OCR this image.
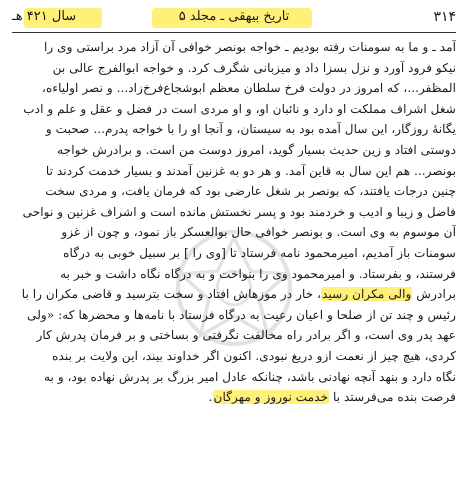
۳۱۴
تاریخ بیهقی ـ مجلد ۵
سال ۴۲۱ هـ
آمد ـ و ما به سومنات رفته بودیم ـ خواجه بونصر خوافی آن آزاد مرد براستی وی را
نیکو فرود آورد و نزل بسزا داد و میزبانی شگرف کرد. و خواجه ابوالفرج عالی بن
المظفر...، که امروز در دولت فرخ سلطان معظم ابوشجاع‌فرخ‌زاد... و نصر اولیاءه،
شغل اشراف مملکت او دارد و نائبان او، و او مردی است در فضل و عقل و علم و ادب
یگانهٔ روزگار، این سال آمده بود به سیستان، و آنجا او را با خواجه پدرم... صحبت و
دوستی افتاد و زین حدیث بسیار گوید، امروز دوست من است. و برادرش خواجه
بونصر... هم این سال به قاین آمد. و هر دو به غزنین آمدند و بسیار خدمت کردند تا
چنین درجات یافتند، که بونصر بر شغل عارضی بود که فرمان یافت، و مردی سخت
فاضل و زیبا و ادیب و خردمند بود و پسر نخستش مانده است و اشراف غزنین و نواحی
آن موسوم به وی است. و بونصر خوافی حال بوالعسکر باز نمود، و چون از غزو
سومنات باز آمدیم، امیرمحمود نامه فرستاد تا [وی را ] بر سبیل خوبی به درگاه
فرستند، و بفرستاد. و امیرمحمود وی را بنواخت و به درگاه نگاه داشت و خبر به
برادرش والی مکران رسید، خار در موزهاش افتاد و سخت بترسید و قاضی مکران را با
رئیس و چند تن از صلحا و اعیان رعیت به درگاه فرستاد با نامه‌ها و محضرها که: «ولی
عهد پدر وی است، و اگر برادر راه مخالفت نگرفتی و بساختی و بر فرمان پدرش کار
کردی، هیچ چیز از نعمت ازو دریغ نبودی. اکنون اگر خداوند بیند، این ولایت بر بنده
نگاه دارد و بنهد آنچه نهادنی باشد، چنانکه عادل امیر بزرگ بر پدرش نهاده بود، و به
فرصت بنده می‌فرستد با خدمت نوروز و مهرگان.
